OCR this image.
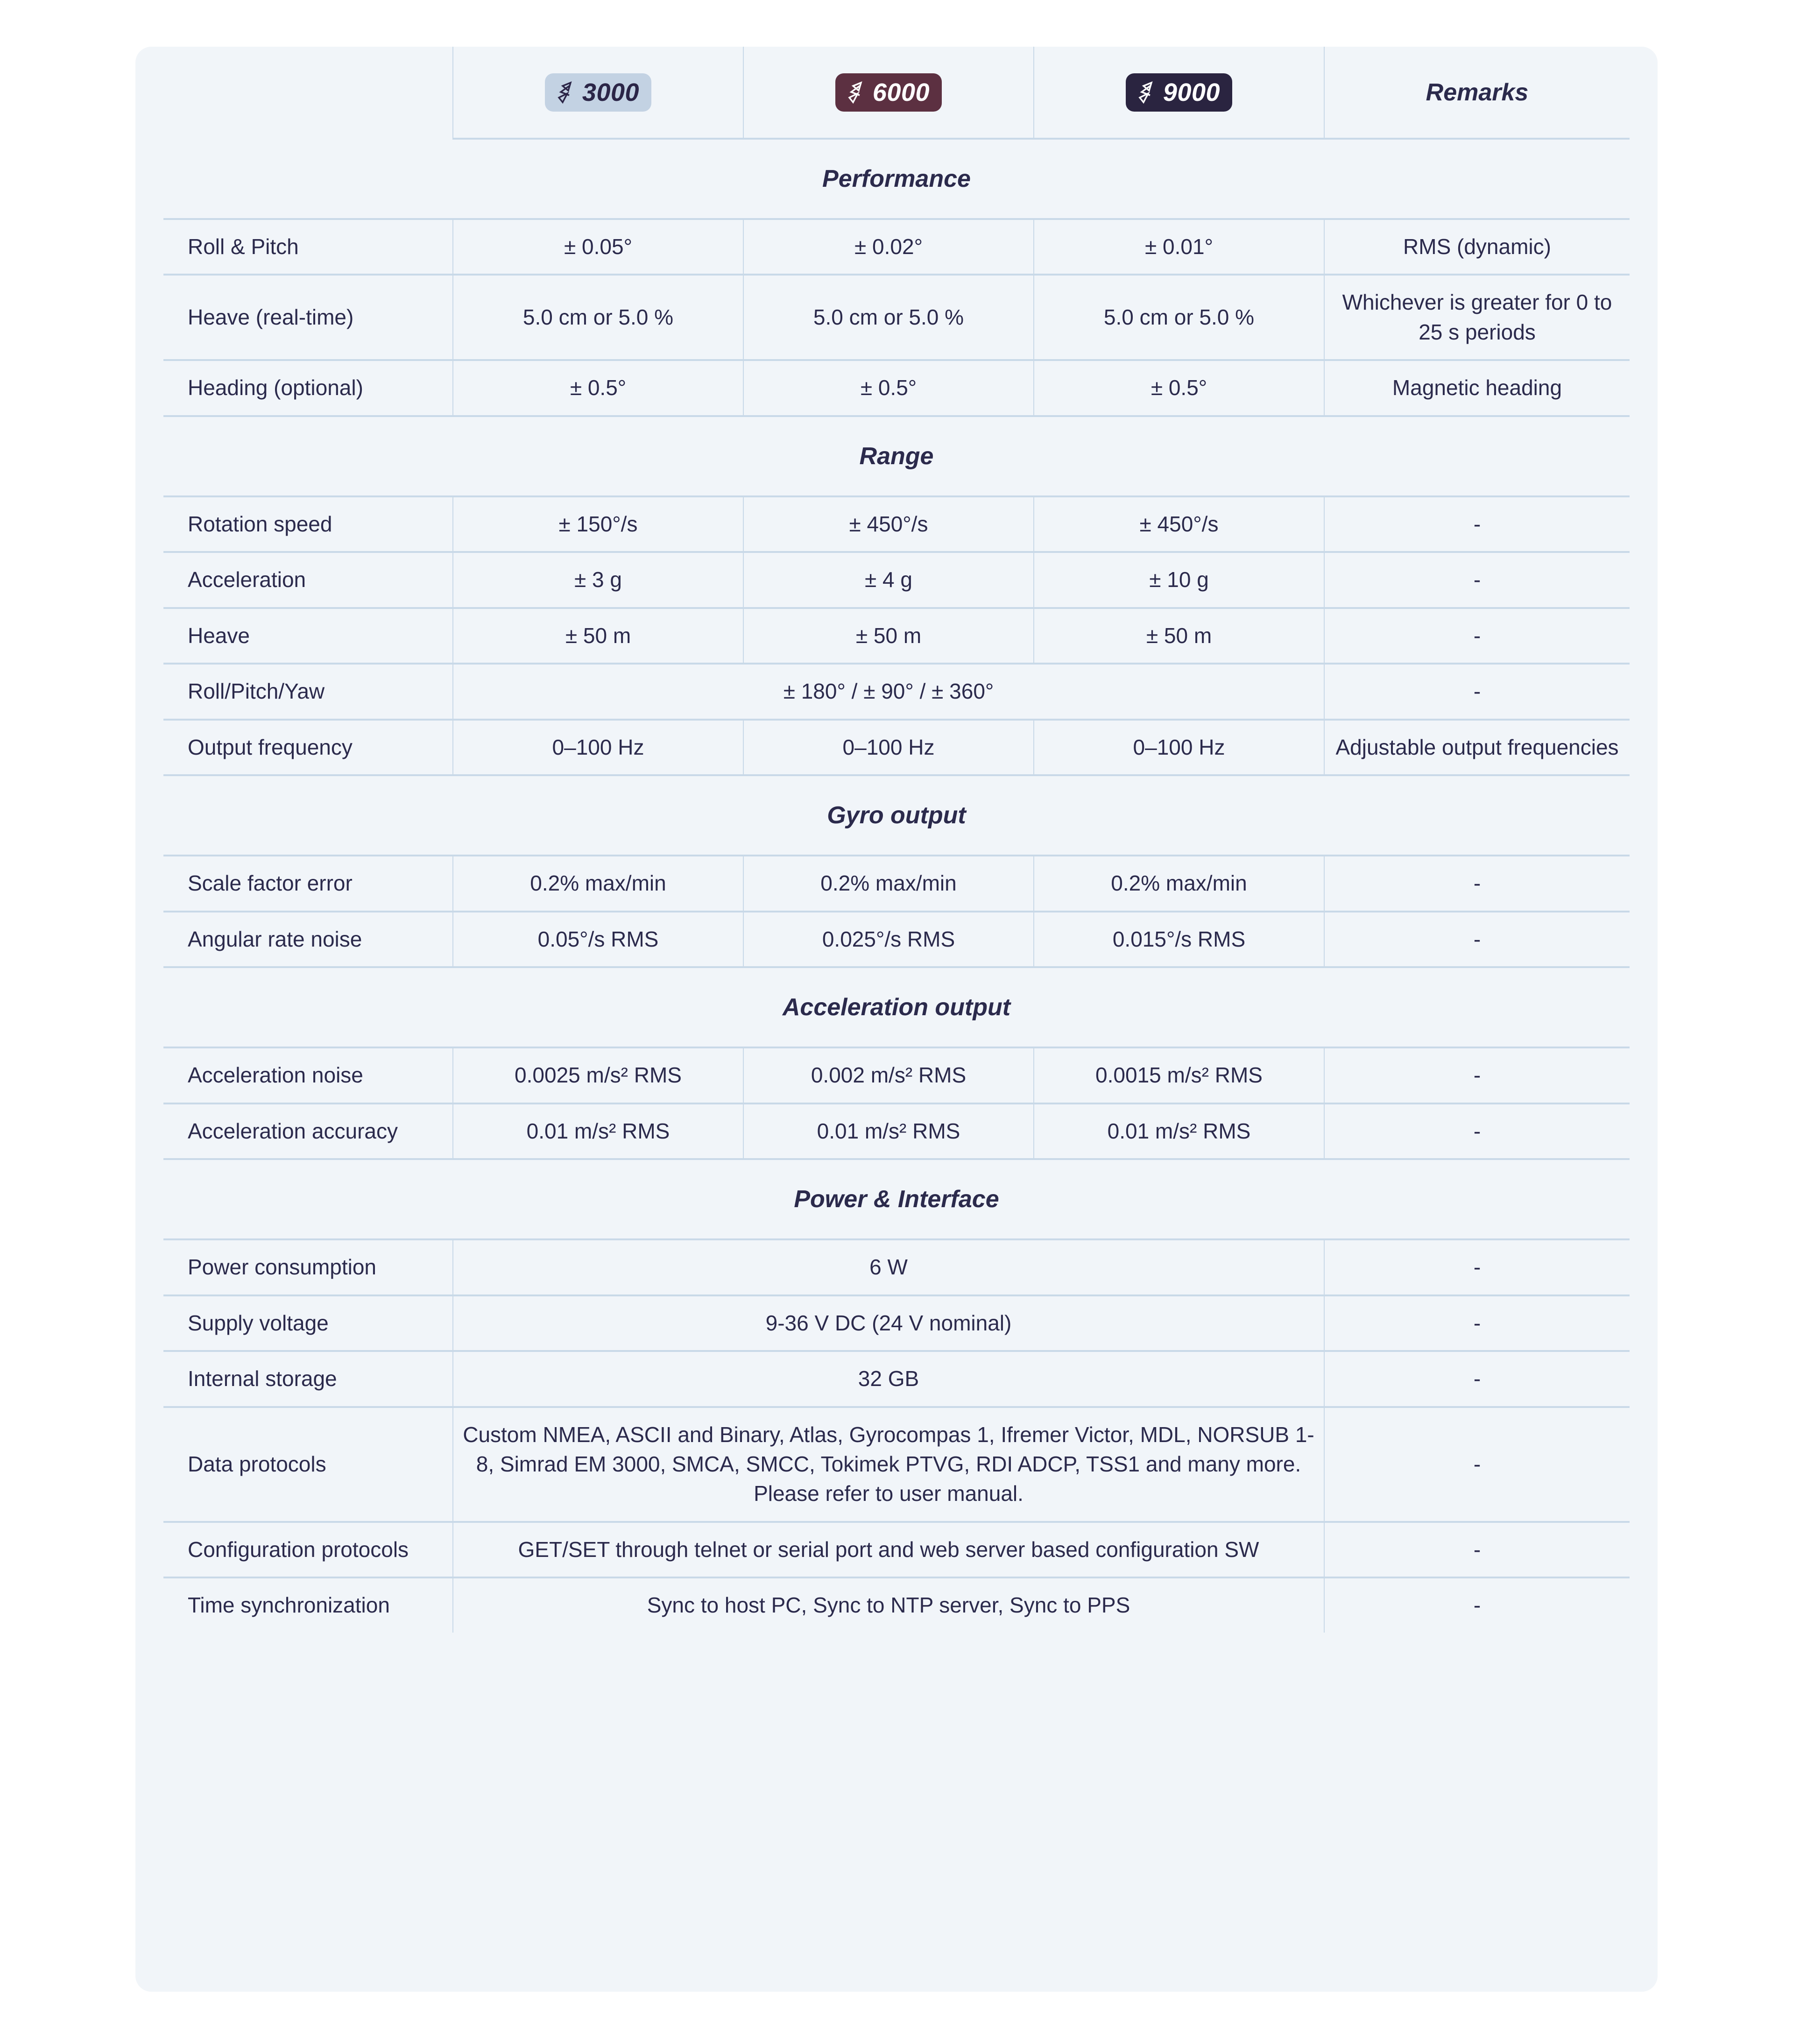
	3000	6000	9000	Remarks
Performance				
Roll & Pitch	± 0.05°	± 0.02°	± 0.01°	RMS (dynamic)
Heave (real-time)	5.0 cm or 5.0 %	5.0 cm or 5.0 %	5.0 cm or 5.0 %	Whichever is greater for 0 to 25 s periods
Heading (optional)	± 0.5°	± 0.5°	± 0.5°	Magnetic heading
Range				
Rotation speed	± 150°/s	± 450°/s	± 450°/s	-
Acceleration	± 3 g	± 4 g	± 10 g	-
Heave	± 50 m	± 50 m	± 50 m	-
Roll/Pitch/Yaw	± 180° / ± 90° / ± 360°			-
Output frequency	0–100 Hz	0–100 Hz	0–100 Hz	Adjustable output frequencies
Gyro output				
Scale factor error	0.2% max/min	0.2% max/min	0.2% max/min	-
Angular rate noise	0.05°/s RMS	0.025°/s RMS	0.015°/s RMS	-
Acceleration output				
Acceleration noise	0.0025 m/s² RMS	0.002 m/s² RMS	0.0015 m/s² RMS	-
Acceleration accuracy	0.01 m/s² RMS	0.01 m/s² RMS	0.01 m/s² RMS	-
Power & Interface				
Power consumption	6 W			-
Supply voltage	9-36 V DC (24 V nominal)			-
Internal storage	32 GB			-
Data protocols	Custom NMEA, ASCII and Binary, Atlas, Gyrocompas 1, Ifremer Victor, MDL, NORSUB 1-8, Simrad EM 3000, SMCA, SMCC, Tokimek PTVG, RDI ADCP, TSS1 and many more. Please refer to user manual.			-
Configuration protocols	GET/SET through telnet or serial port and web server based configuration SW			-
Time synchronization	Sync to host PC, Sync to NTP server, Sync to PPS			-
